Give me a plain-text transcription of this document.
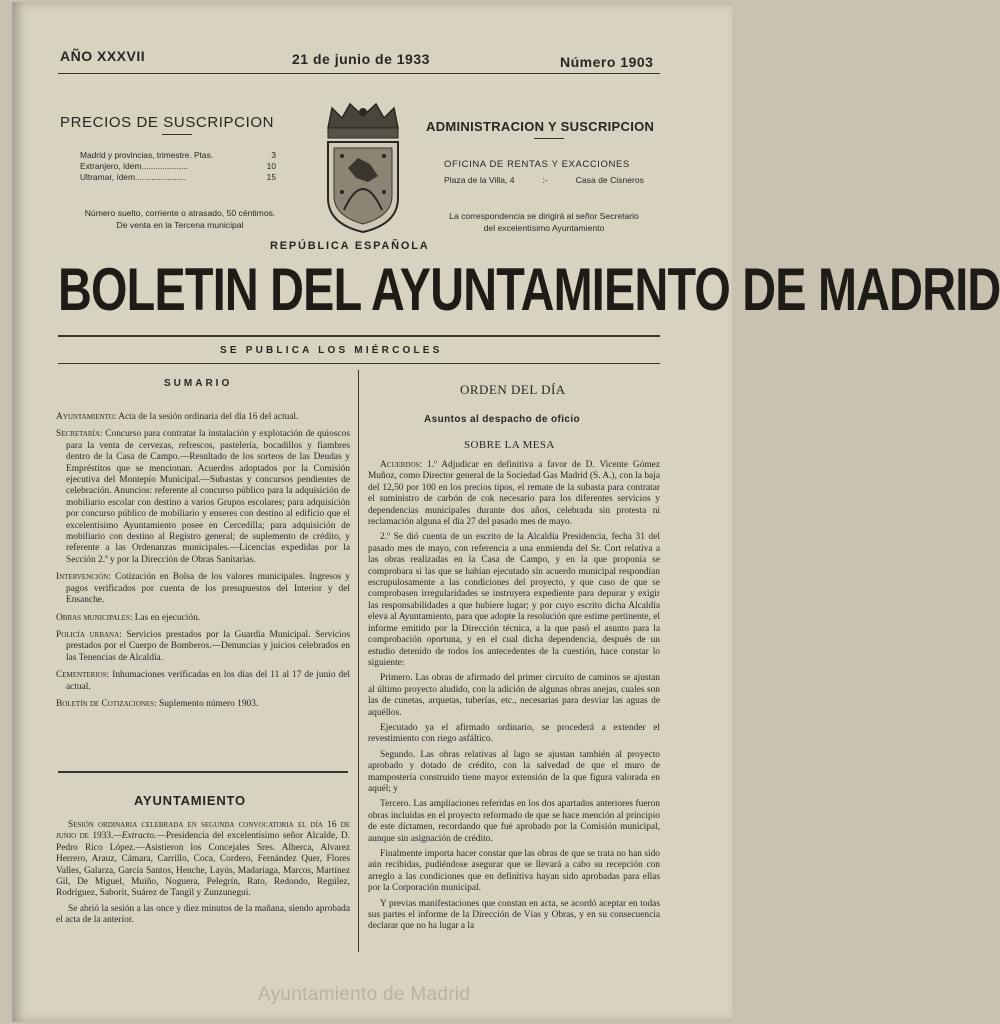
AÑO XXXVII	21 de junio de 1933	Número 1903
PRECIOS DE SUSCRIPCION
Madrid y provincias, trimestre. Ptas.	3
Extranjero, ídem....................	10
Ultramar, ídem......................	15
Número suelto, corriente o atrasado, 50 céntimos.
De venta en la Tercena municipal
ADMINISTRACION Y SUSCRIPCION
OFICINA DE RENTAS Y EXACCIONES
Plaza de la Villa, 4	:-	Casa de Cisneros
La correspondencia se dirigirá al señor Secretario
del excelentísimo Ayuntamiento
REPÚBLICA ESPAÑOLA
BOLETIN DEL AYUNTAMIENTO DE MADRID
SE PUBLICA LOS MIÉRCOLES
SUMARIO

Ayuntamiento: Acta de la sesión ordinaria del día 16 del actual.

Secretaría: Concurso para contratar la instalación y explotación de quioscos para la venta de cervezas, refrescos, pastelería, bocadillos y fiambres dentro de la Casa de Campo.—Resultado de los sorteos de las Deudas y Empréstitos que se mencionan. Acuerdos adoptados por la Comisión ejecutiva del Montepío Municipal.—Subastas y concursos pendientes de celebración. Anuncios: referente al concurso público para la adquisición de mobiliario escolar con destino a varios Grupos escolares; para adquisición por concurso público de mobiliario y enseres con destino al edificio que el excelentísimo Ayuntamiento posee en Cercedilla; para adquisición de mobiliario con destino al Registro general; de suplemento de crédito, y referente a las Ordenanzas municipales.—Licencias expedidas por la Sección 2.ª y por la Dirección de Obras Sanitarias.

Intervención: Cotización en Bolsa de los valores municipales. Ingresos y pagos verificados por cuenta de los presupuestos del Interior y del Ensanche.

Obras municipales: Las en ejecución.

Policía urbana: Servicios prestados por la Guardia Municipal. Servicios prestados por el Cuerpo de Bomberos.—Denuncias y juicios celebrados en las Tenencias de Alcaldía.

Cementerios: Inhumaciones verificadas en los días del 11 al 17 de junio del actual.

Boletín de Cotizaciones: Suplemento número 1903.

AYUNTAMIENTO

Sesión ordinaria celebrada en segunda convocatoria el día 16 de junio de 1933.—Extracto.—Presidencia del excelentísimo señor Alcalde, D. Pedro Rico López.—Asistieron los Concejales Sres. Alberca, Alvarez Herrero, Arauz, Cámara, Carrillo, Coca, Cordero, Fernández Quer, Flores Valles, Galarza, García Santos, Henche, Layús, Madariaga, Marcos, Martínez Gil, De Miguel, Muiño, Noguera, Pelegrín, Rato, Redondo, Regúlez, Rodríguez, Saborit, Suárez de Tangil y Zunzunegui.

Se abrió la sesión a las once y diez minutos de la mañana, siendo aprobada el acta de la anterior.

ORDEN DEL DÍA
Asuntos al despacho de oficio
SOBRE LA MESA

Acuerdos: 1.º Adjudicar en definitiva a favor de D. Vicente Gómez Muñoz, como Director general de la Sociedad Gas Madrid (S. A.), con la baja del 12,50 por 100 en los precios tipos, el remate de la subasta para contratar el suministro de carbón de cok necesario para los diferentes servicios y dependencias municipales durante dos años, celebrada sin protesta ni reclamación alguna el día 27 del pasado mes de mayo.

2.º Se dió cuenta de un escrito de la Alcaldía Presidencia, fecha 31 del pasado mes de mayo, con referencia a una enmienda del Sr. Cort relativa a las obras realizadas en la Casa de Campo, y en la que proponía se comprobara si las que se habían ejecutado sin acuerdo municipal respondían escrupulosamente a las condiciones del proyecto, y que caso de que se comprobasen irregularidades se instruyera expediente para depurar y exigir las responsabilidades a que hubiere lugar; y por cuyo escrito dicha Alcaldía eleva al Ayuntamiento, para que adopte la resolución que estime pertinente, el informe emitido por la Dirección técnica, a la que pasó el asunto para la comprobación oportuna, y en el cual dicha dependencia, después de un estudio detenido de todos los antecedentes de la cuestión, hace constar lo siguiente:

Primero. Las obras de afirmado del primer circuito de caminos se ajustan al último proyecto aludido, con la adición de algunas obras anejas, cuales son las de cunetas, arquetas, tuberías, etc., necesarias para desviar las aguas de aquéllos.

Ejecutado ya el afirmado ordinario, se procederá a extender el revestimiento con riego asfáltico.

Segundo. Las obras relativas al lago se ajustan también al proyecto aprobado y dotado de crédito, con la salvedad de que el muro de mampostería construído tiene mayor extensión de la que figura valorada en aquél; y

Tercero. Las ampliaciones referidas en los dos apartados anteriores fueron obras incluídas en el proyecto reformado de que se hace mención al principio de este dictamen, recordando que fué aprobado por la Comisión municipal, aunque sin asignación de crédito.

Finalmente importa hacer constar que las obras de que se trata no han sido aún recibidas, pudiéndose asegurar que se llevará a cabo su recepción con arreglo a las condiciones que en definitiva hayan sido aprobadas para ellas por la Corporación municipal.

Y previas manifestaciones que constan en acta, se acordó aceptar en todas sus partes el informe de la Dirección de Vías y Obras, y en su consecuencia declarar que no ha lugar a la

Ayuntamiento de Madrid
